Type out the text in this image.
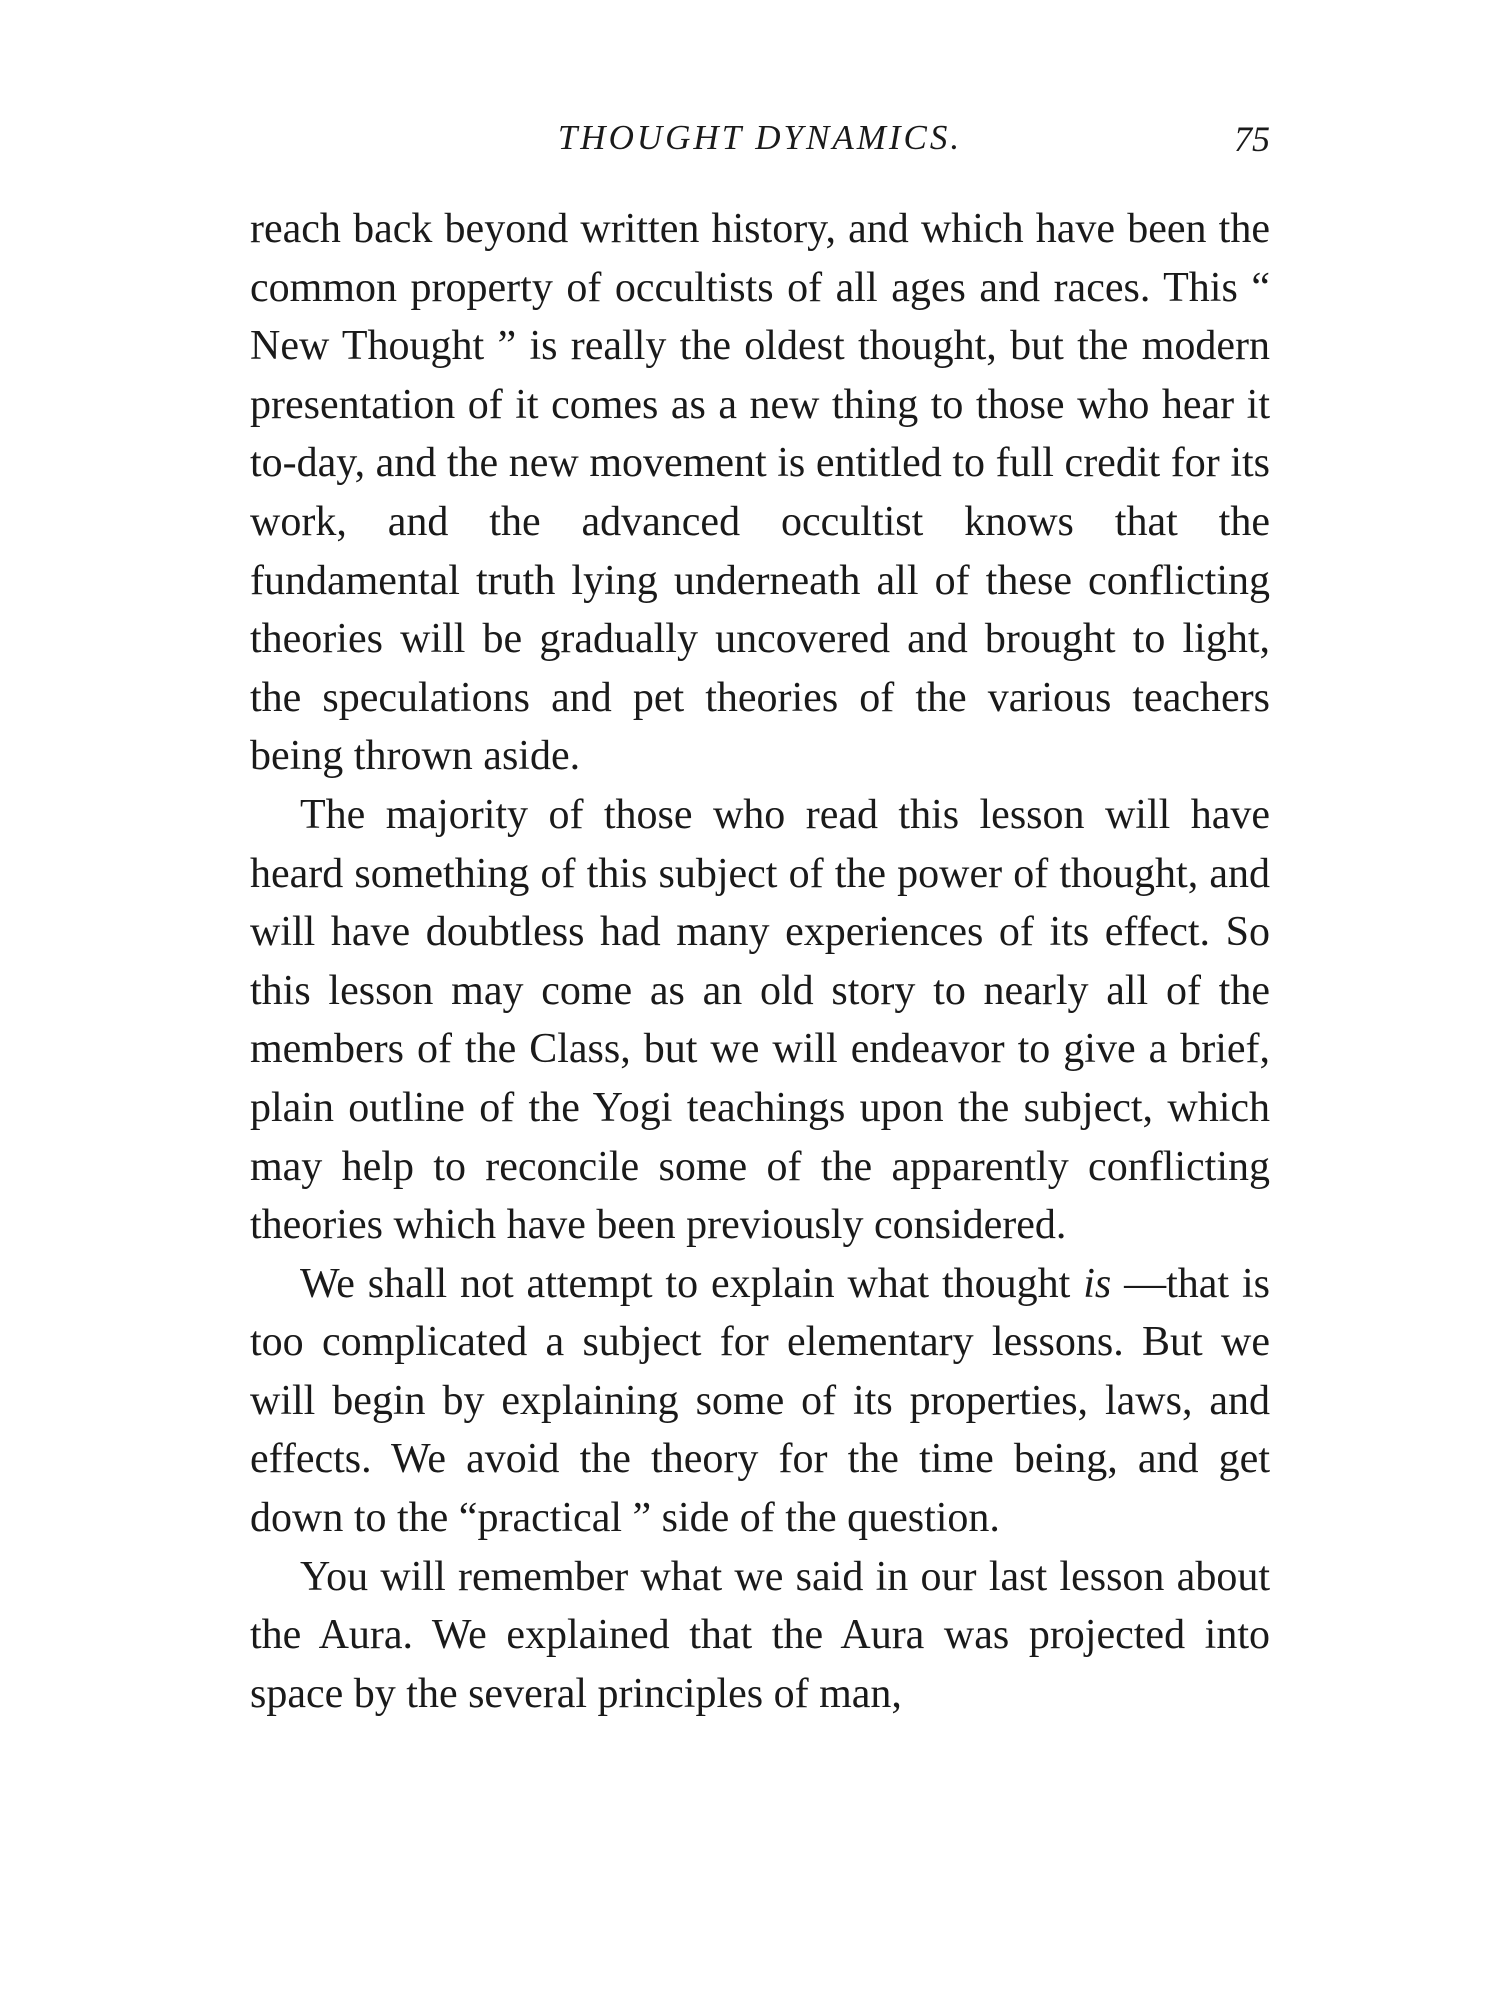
THOUGHT DYNAMICS.	75

reach back beyond written history, and which have been the common property of occultists of all ages and races. This “ New Thought ” is really the oldest thought, but the modern presentation of it comes as a new thing to those who hear it to-day, and the new movement is entitled to full credit for its work, and the advanced occultist knows that the fundamental truth lying underneath all of these conflicting theories will be gradually uncovered and brought to light, the speculations and pet theories of the various teachers being thrown aside.

The majority of those who read this lesson will have heard something of this subject of the power of thought, and will have doubtless had many experiences of its effect. So this lesson may come as an old story to nearly all of the members of the Class, but we will endeavor to give a brief, plain outline of the Yogi teachings upon the subject, which may help to reconcile some of the apparently conflicting theories which have been previously considered.

We shall not attempt to explain what thought is —that is too complicated a subject for elementary lessons. But we will begin by explaining some of its properties, laws, and effects. We avoid the theory for the time being, and get down to the “practical ” side of the question.

You will remember what we said in our last lesson about the Aura. We explained that the Aura was projected into space by the several principles of man,
